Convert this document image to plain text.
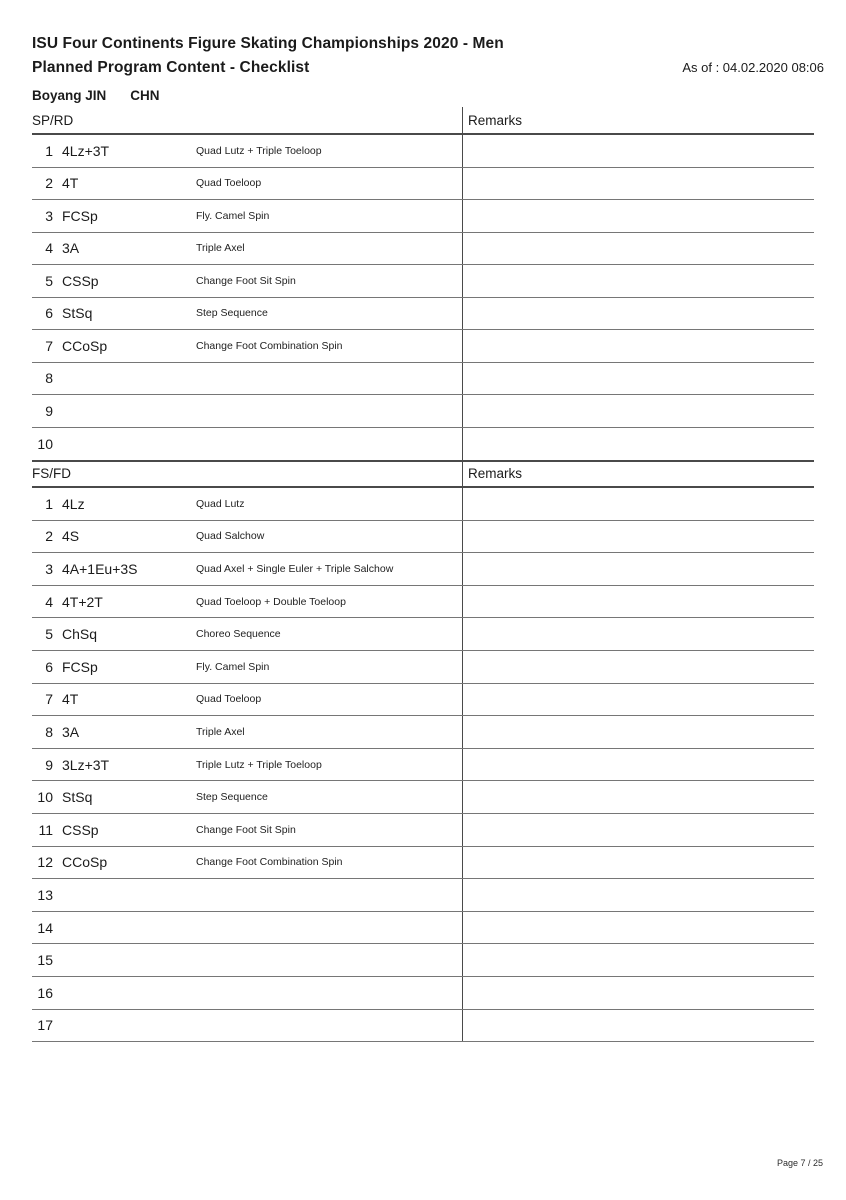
ISU Four Continents Figure Skating Championships 2020 - Men
Planned Program Content - Checklist	As of : 04.02.2020 08:06
Boyang JIN CHN
SP/RD	Remarks
1 4Lz+3T	Quad Lutz + Triple Toeloop
2 4T	Quad Toeloop
3 FCSp	Fly. Camel Spin
4 3A	Triple Axel
5 CSSp	Change Foot Sit Spin
6 StSq	Step Sequence
7 CCoSp	Change Foot Combination Spin
8
9
10
FS/FD	Remarks
1 4Lz	Quad Lutz
2 4S	Quad Salchow
3 4A+1Eu+3S	Quad Axel + Single Euler + Triple Salchow
4 4T+2T	Quad Toeloop + Double Toeloop
5 ChSq	Choreo Sequence
6 FCSp	Fly. Camel Spin
7 4T	Quad Toeloop
8 3A	Triple Axel
9 3Lz+3T	Triple Lutz + Triple Toeloop
10 StSq	Step Sequence
11 CSSp	Change Foot Sit Spin
12 CCoSp	Change Foot Combination Spin
13
14
15
16
17
Page 7 / 25
